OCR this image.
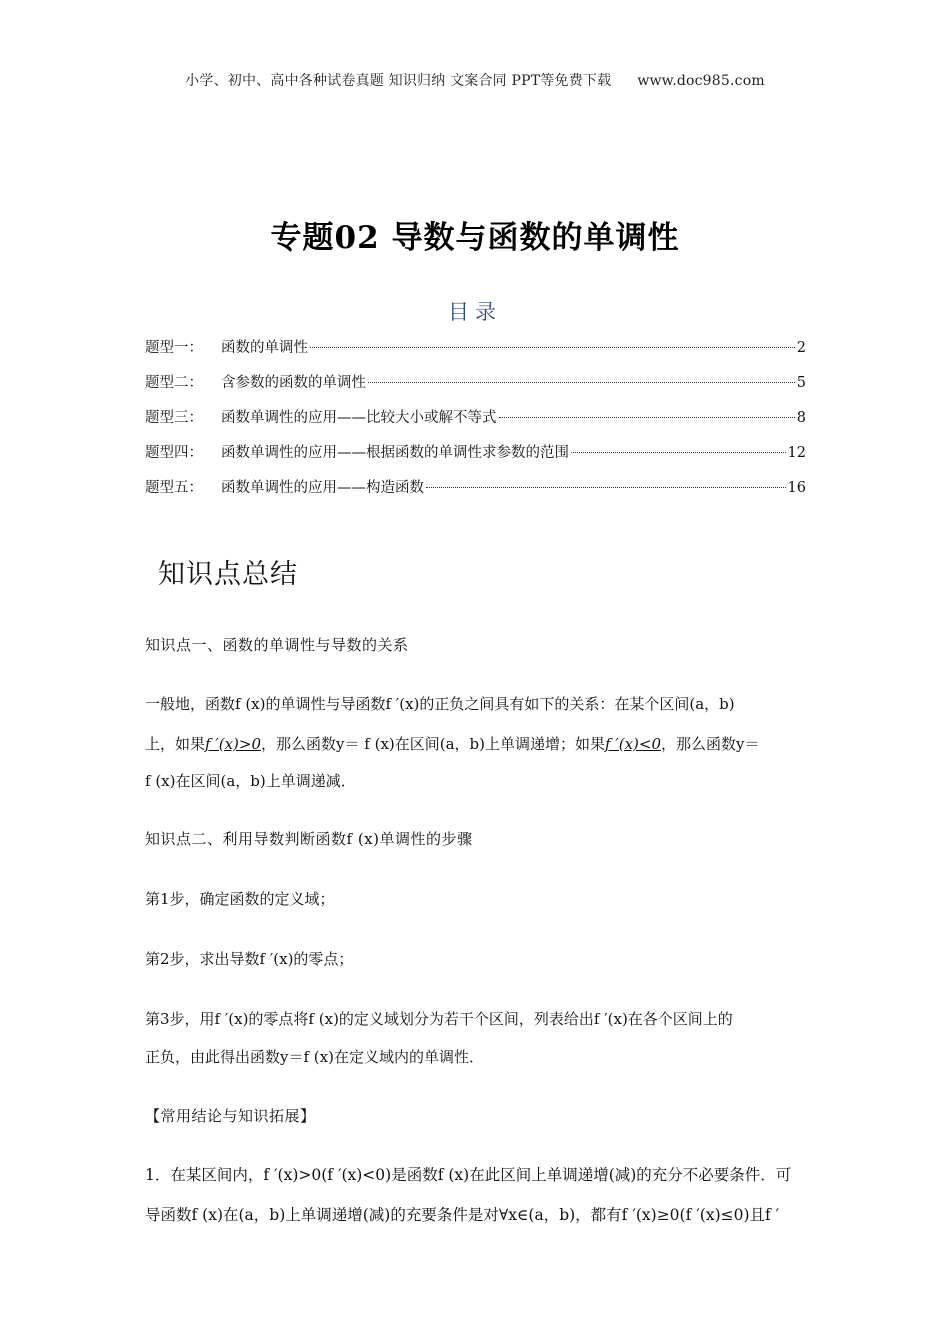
小学、初中、高中各种试卷真题 知识归纳 文案合同 PPT等免费下载 www.doc985.com
专题02 导数与函数的单调性
目录
题型一：	函数的单调性	2
题型二：	含参数的函数的单调性	5
题型三：	函数单调性的应用——比较大小或解不等式	8
题型四：	函数单调性的应用——根据函数的单调性求参数的范围	12
题型五：	函数单调性的应用——构造函数	16
知识点总结
知识点一、函数的单调性与导数的关系
一般地，函数f (x)的单调性与导函数f ′(x)的正负之间具有如下的关系：在某个区间(a，b)
上，如果f ′(x)>0，那么函数y＝ f (x)在区间(a，b)上单调递增；如果f ′(x)<0，那么函数y＝
f (x)在区间(a，b)上单调递减．
知识点二、利用导数判断函数f (x)单调性的步骤
第1步，确定函数的定义域；
第2步，求出导数f ′(x)的零点；
第3步，用f ′(x)的零点将f (x)的定义域划分为若干个区间，列表给出f ′(x)在各个区间上的
正负，由此得出函数y＝f (x)在定义域内的单调性．
【常用结论与知识拓展】
1．在某区间内，f ′(x)>0(f ′(x)<0)是函数f (x)在此区间上单调递增(减)的充分不必要条件．可
导函数f (x)在(a，b)上单调递增(减)的充要条件是对∀x∈(a，b)，都有f ′(x)≥0(f ′(x)≤0)且f ′
